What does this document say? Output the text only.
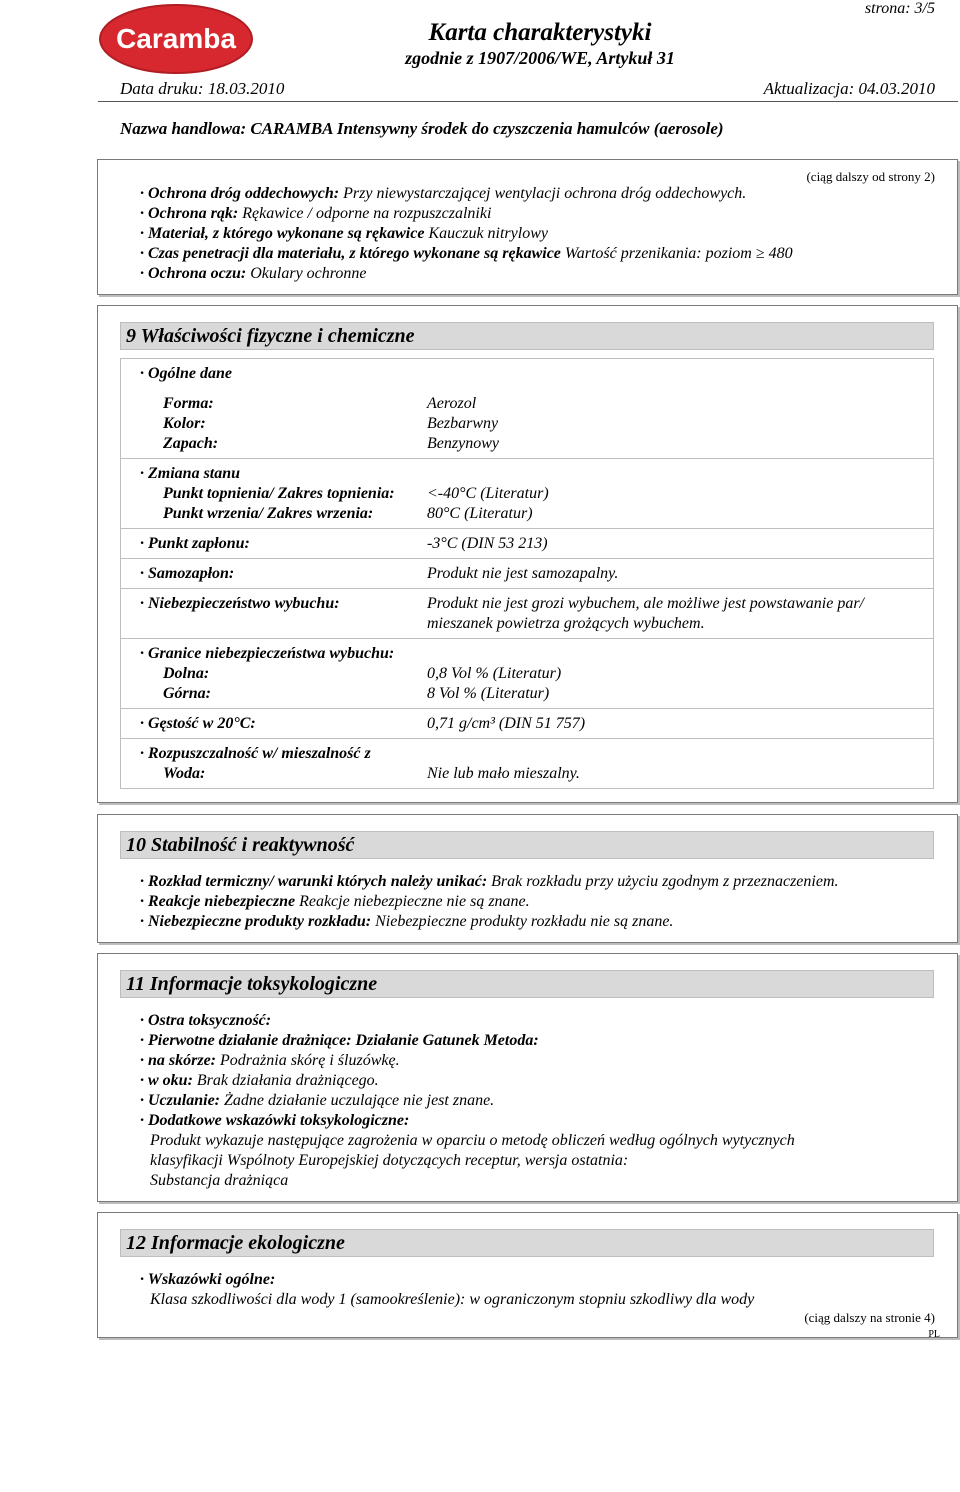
Caramba	Karta charakterystyki
zgodnie z 1907/2006/WE, Artykuł 31
strona: 3/5
Data druku: 18.03.2010	Aktualizacja: 04.03.2010
Nazwa handlowa: CARAMBA Intensywny środek do czyszczenia hamulców (aerosole)
(ciąg dalszy od strony 2)
· Ochrona dróg oddechowych: Przy niewystarczającej wentylacji ochrona dróg oddechowych.
· Ochrona rąk: Rękawice / odporne na rozpuszczalniki
· Materiał, z którego wykonane są rękawice Kauczuk nitrylowy
· Czas penetracji dla materiału, z którego wykonane są rękawice Wartość przenikania: poziom ≥ 480
· Ochrona oczu: Okulary ochronne
9 Właściwości fizyczne i chemiczne
· Ogólne dane
Forma:	Aerozol
Kolor:	Bezbarwny
Zapach:	Benzynowy
· Zmiana stanu
Punkt topnienia/ Zakres topnienia: <-40°C (Literatur)
Punkt wrzenia/ Zakres wrzenia:	80°C (Literatur)
· Punkt zapłonu:	-3°C (DIN 53 213)
· Samozapłon:	Produkt nie jest samozapalny.
· Niebezpieczeństwo wybuchu:	Produkt nie jest grozi wybuchem, ale możliwe jest powstawanie par/
mieszanek powietrza grożących wybuchem.
· Granice niebezpieczeństwa wybuchu:
Dolna:	0,8 Vol % (Literatur)
Górna:	8 Vol % (Literatur)
· Gęstość w 20°C:	0,71 g/cm³ (DIN 51 757)
· Rozpuszczalność w/ mieszalność z
Woda:	Nie lub mało mieszalny.
10 Stabilność i reaktywność
· Rozkład termiczny/ warunki których należy unikać: Brak rozkładu przy użyciu zgodnym z przeznaczeniem.
· Reakcje niebezpieczne Reakcje niebezpieczne nie są znane.
· Niebezpieczne produkty rozkładu: Niebezpieczne produkty rozkładu nie są znane.
11 Informacje toksykologiczne
· Ostra toksyczność:
· Pierwotne działanie drażniące: Działanie Gatunek Metoda:
· na skórze: Podrażnia skórę i śluzówkę.
· w oku: Brak działania drażniącego.
· Uczulanie: Żadne działanie uczulające nie jest znane.
· Dodatkowe wskazówki toksykologiczne:
Produkt wykazuje następujące zagrożenia w oparciu o metodę obliczeń według ogólnych wytycznych
klasyfikacji Wspólnoty Europejskiej dotyczących receptur, wersja ostatnia:
Substancja drażniąca
12 Informacje ekologiczne
· Wskazówki ogólne:
Klasa szkodliwości dla wody 1 (samookreślenie): w ograniczonym stopniu szkodliwy dla wody
(ciąg dalszy na stronie 4)
PL
